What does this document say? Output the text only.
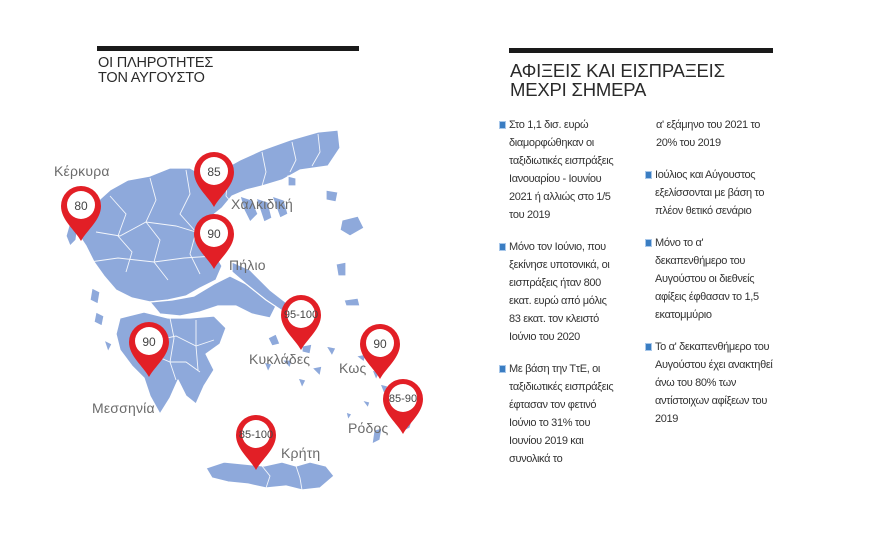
ΟΙ ΠΛΗΡΟΤΗΤΕΣ
ΤΟΝ ΑΥΓΟΥΣΤΟ
Κέρκυρα
Χαλκιδική
Πήλιο
Μεσσηνία
Κυκλάδες
Κως
Ρόδος
Κρήτη
80
85
90
90
95- 100
90
85- 90
85- 100
ΑΦΙΞΕΙΣ ΚΑΙ ΕΙΣΠΡΑΞΕΙΣ
ΜΕΧΡΙ ΣΗΜΕΡΑ
Στο 1,1 δισ. ευρώ διαμορφώθηκαν οι ταξιδιωτικές εισπράξεις Ιανουαρίου - Ιουνίου 2021 ή αλλιώς στο 1/5 του 2019
Μόνο τον Ιούνιο, που ξεκίνησε υποτονικά, οι εισπράξεις ήταν 800 εκατ. ευρώ από μόλις 83 εκατ. τον κλειστό Ιούνιο του 2020
Με βάση την ΤτΕ, οι ταξιδιωτικές εισπράξεις έφτασαν τον φετινό Ιούνιο το 31% του Ιουνίου 2019 και συνολικά το
α' εξάμηνο του 2021 το 20% του 2019
Ιούλιος και Αύγουστος εξελίσσονται με βάση το πλέον θετικό σενάριο
Μόνο το α' δεκαπενθήμερο του Αυγούστου οι διεθνείς αφίξεις έφθασαν το 1,5 εκατομμύριο
Το α' δεκαπενθήμερο του Αυγούστου έχει ανακτηθεί άνω του 80% των αντίστοιχων αφίξεων του 2019
